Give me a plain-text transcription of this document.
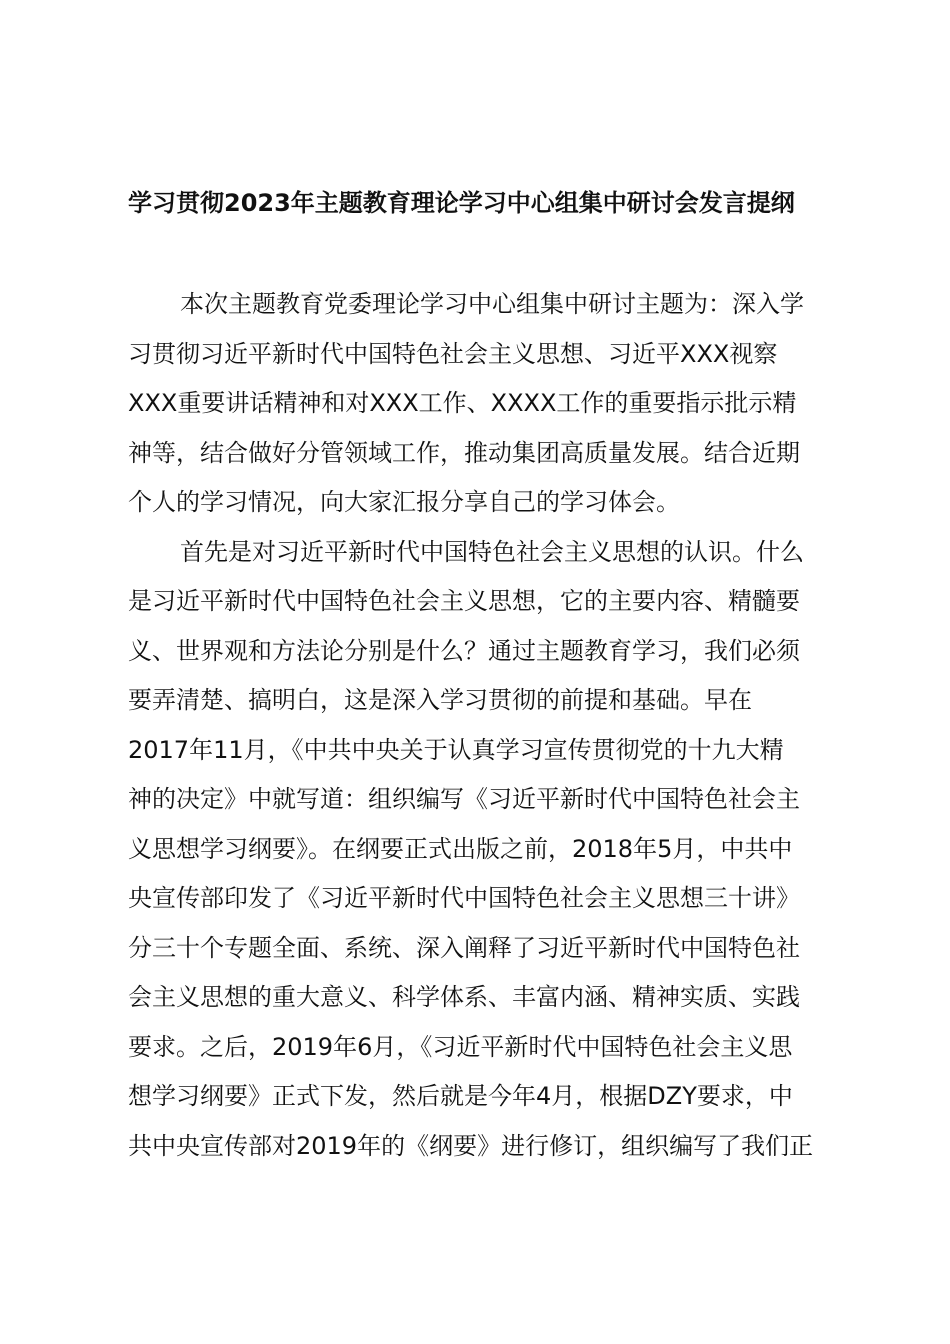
学习贯彻2023年主题教育理论学习中心组集中研讨会发言提纲
本次主题教育党委理论学习中心组集中研讨主题为：深入学
习贯彻习近平新时代中国特色社会主义思想、习近平XXX视察
XXX重要讲话精神和对XXX工作、XXXX工作的重要指示批示精
神等，结合做好分管领域工作，推动集团高质量发展。结合近期
个人的学习情况，向大家汇报分享自己的学习体会。
首先是对习近平新时代中国特色社会主义思想的认识。什么
是习近平新时代中国特色社会主义思想，它的主要内容、精髓要
义、世界观和方法论分别是什么？通过主题教育学习，我们必须
要弄清楚、搞明白，这是深入学习贯彻的前提和基础。早在
2017年11月，《中共中央关于认真学习宣传贯彻党的十九大精
神的决定》中就写道：组织编写《习近平新时代中国特色社会主
义思想学习纲要》。在纲要正式出版之前，2018年5月，中共中
央宣传部印发了《习近平新时代中国特色社会主义思想三十讲》
分三十个专题全面、系统、深入阐释了习近平新时代中国特色社
会主义思想的重大意义、科学体系、丰富内涵、精神实质、实践
要求。之后，2019年6月，《习近平新时代中国特色社会主义思
想学习纲要》正式下发，然后就是今年4月，根据DZY要求，中
共中央宣传部对2019年的《纲要》进行修订，组织编写了我们正
